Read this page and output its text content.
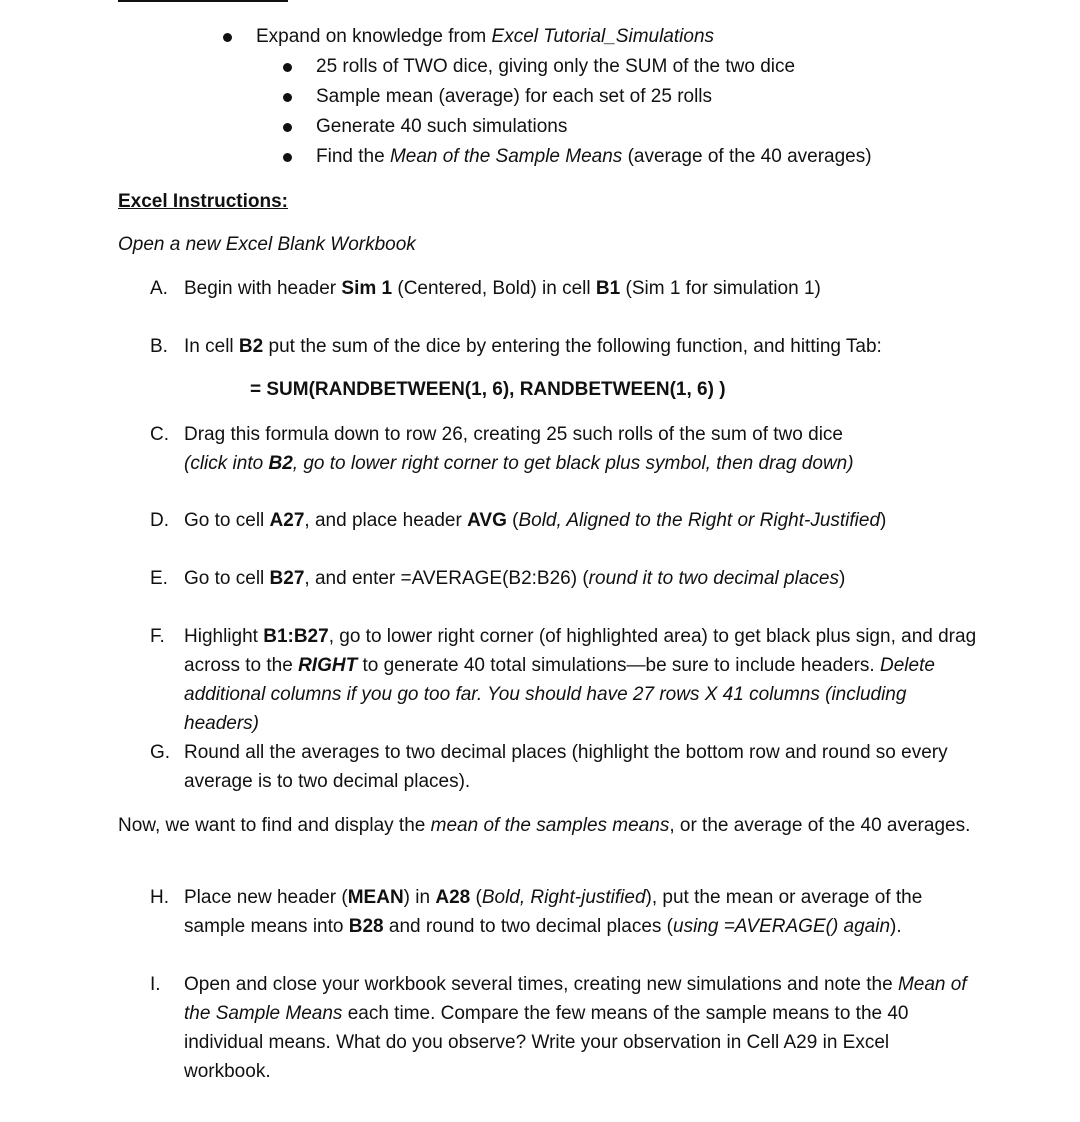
Expand on knowledge from Excel Tutorial_Simulations
25 rolls of TWO dice, giving only the SUM of the two dice
Sample mean (average) for each set of 25 rolls
Generate 40 such simulations
Find the Mean of the Sample Means (average of the 40 averages)
Excel Instructions:
Open a new Excel Blank Workbook
A. Begin with header Sim 1 (Centered, Bold) in cell B1 (Sim 1 for simulation 1)
B. In cell B2 put the sum of the dice by entering the following function, and hitting Tab:
= SUM(RANDBETWEEN(1, 6), RANDBETWEEN(1, 6) )
C. Drag this formula down to row 26, creating 25 such rolls of the sum of two dice
(click into B2, go to lower right corner to get black plus symbol, then drag down)
D. Go to cell A27, and place header AVG (Bold, Aligned to the Right or Right-Justified)
E. Go to cell B27, and enter =AVERAGE(B2:B26) (round it to two decimal places)
F.	Highlight B1:B27, go to lower right corner (of highlighted area) to get black plus sign, and drag across to the RIGHT to generate 40 total simulations—be sure to include headers. Delete additional columns if you go too far. You should have 27 rows X 41 columns (including headers)
G. Round all the averages to two decimal places (highlight the bottom row and round so every average is to two decimal places).
Now, we want to find and display the mean of the samples means, or the average of the 40 averages.
H. Place new header (MEAN) in A28 (Bold, Right-justified), put the mean or average of the sample means into B28 and round to two decimal places (using =AVERAGE() again).
I.	Open and close your workbook several times, creating new simulations and note the Mean of the Sample Means each time. Compare the few means of the sample means to the 40 individual means. What do you observe? Write your observation in Cell A29 in Excel workbook.
